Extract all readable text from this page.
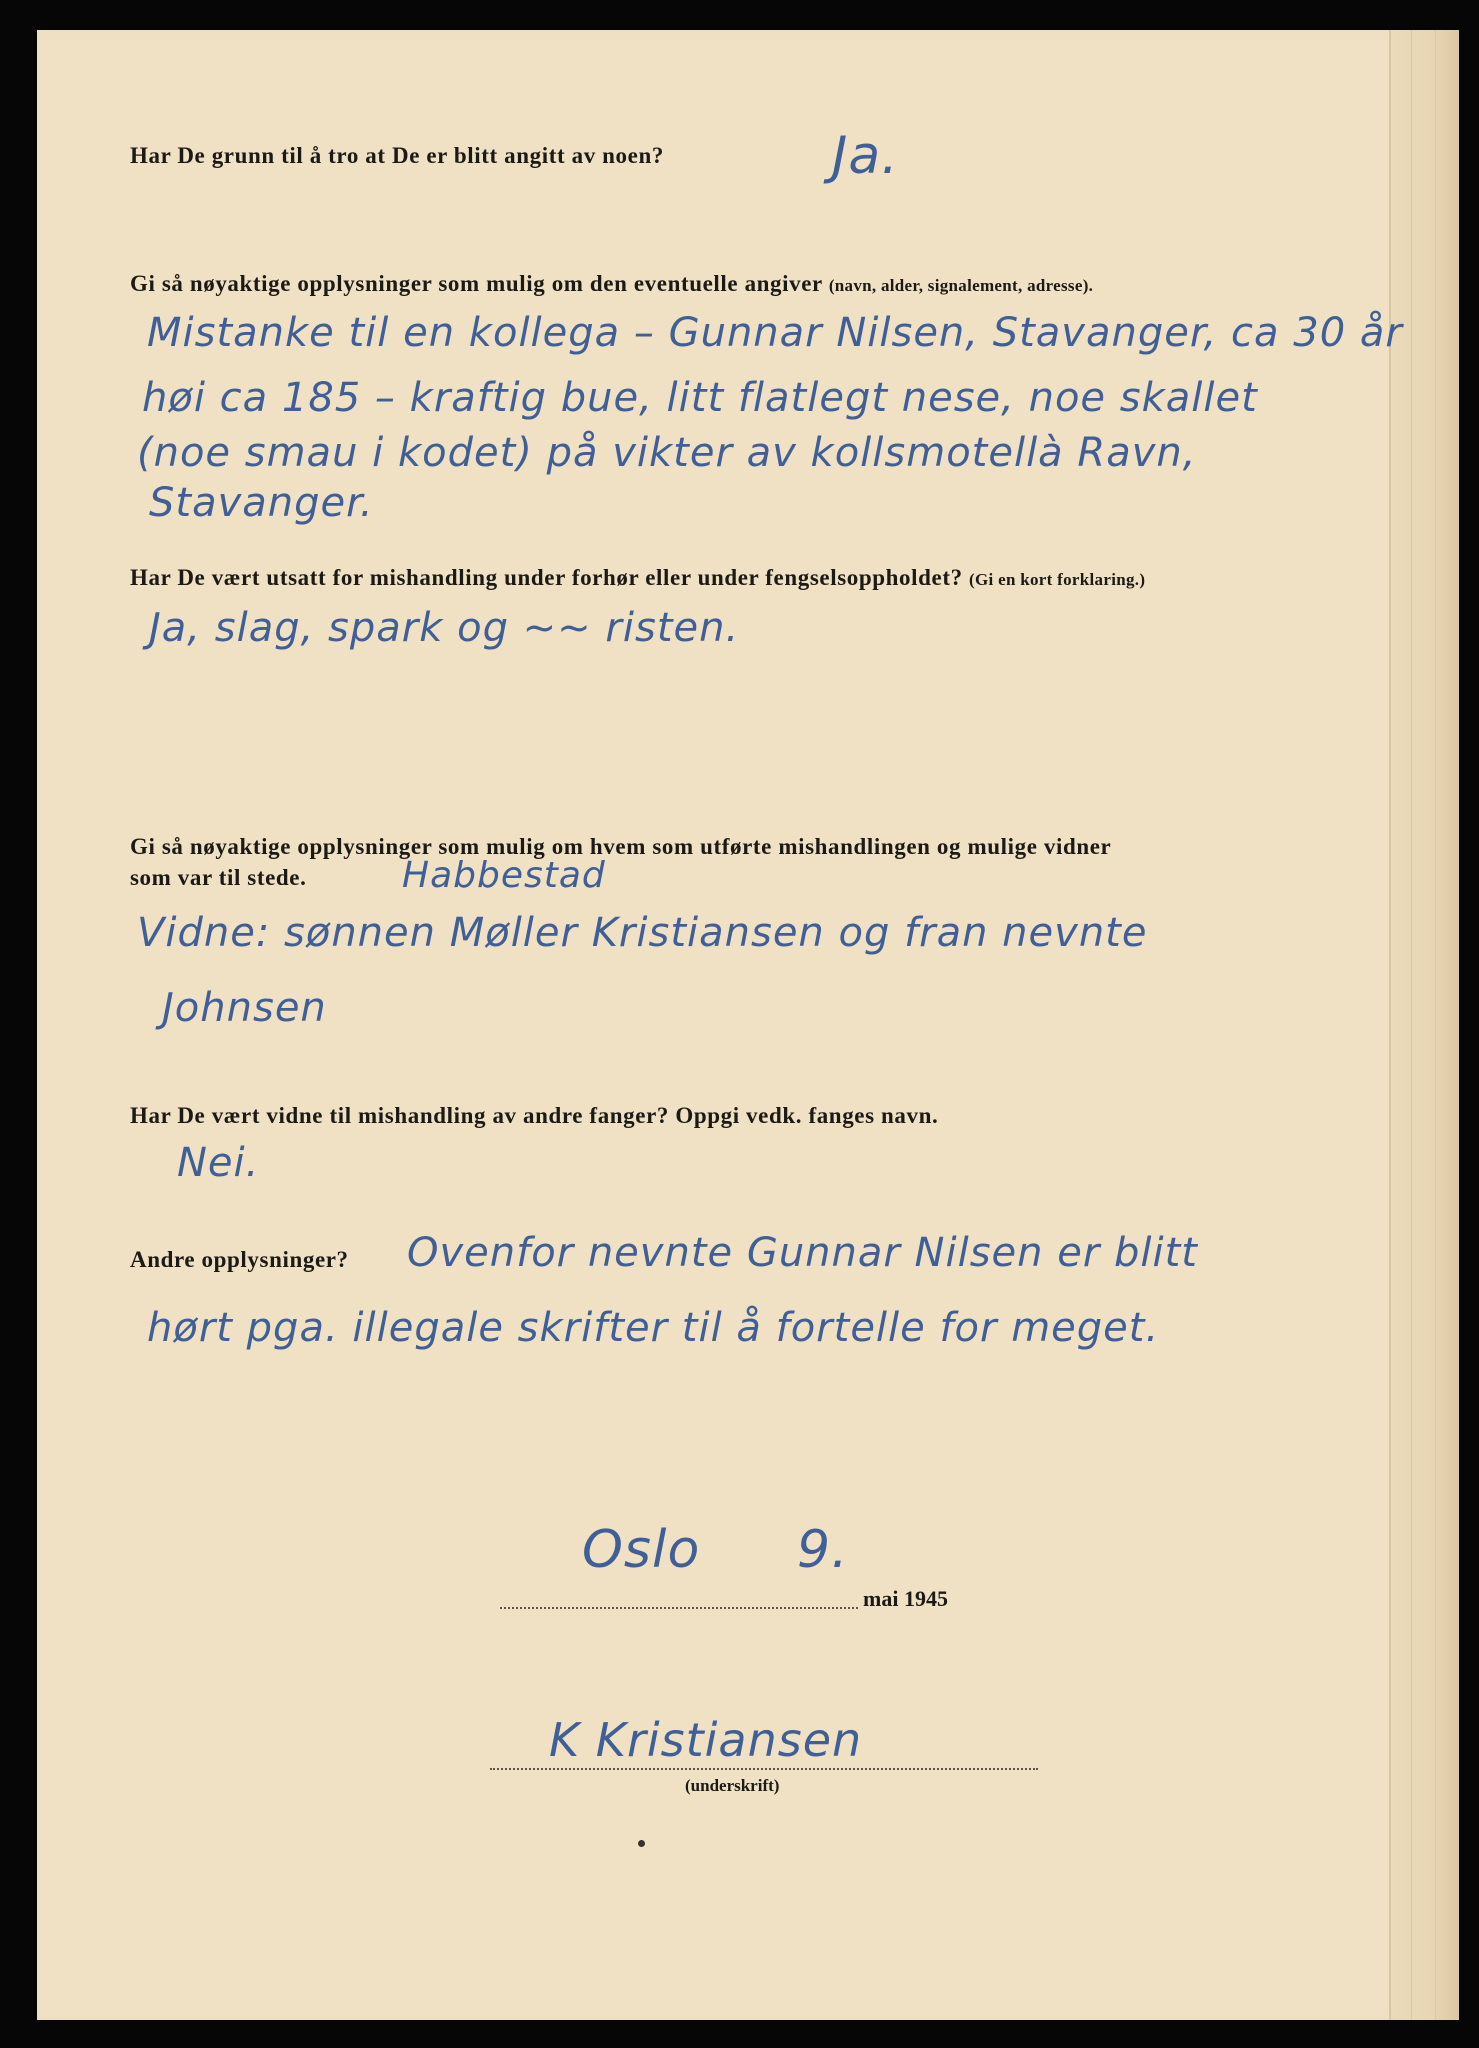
Har De grunn til å tro at De er blitt angitt av noen?	Ja.
Gi så nøyaktige opplysninger som mulig om den eventuelle angiver (navn, alder, signalement, adresse).
Mistanke til en kollega – Gunnar Nilsen, Stavanger, ca 30 år
høi ca 185 – kraftig bue, litt flatlegt nese, noe skallet
(noe smau i kodet) på vikter av kollsmotellà Ravn,
Stavanger.
Har De vært utsatt for mishandling under forhør eller under fengselsoppholdet? (Gi en kort forklaring.)
Ja, slag, spark og ~~ risten.
Gi så nøyaktige opplysninger som mulig om hvem som utførte mishandlingen og mulige vidner
som var til stede.	Habbestad
Vidne: sønnen Møller Kristiansen og fran nevnte
Johnsen
Har De vært vidne til mishandling av andre fanger? Oppgi vedk. fanges navn.
Nei.
Andre opplysninger? Ovenfor nevnte Gunnar Nilsen er blitt
hørt pga. illegale skrifter til å fortelle for meget.
Oslo 9.
mai 1945
K Kristiansen
(underskrift)
